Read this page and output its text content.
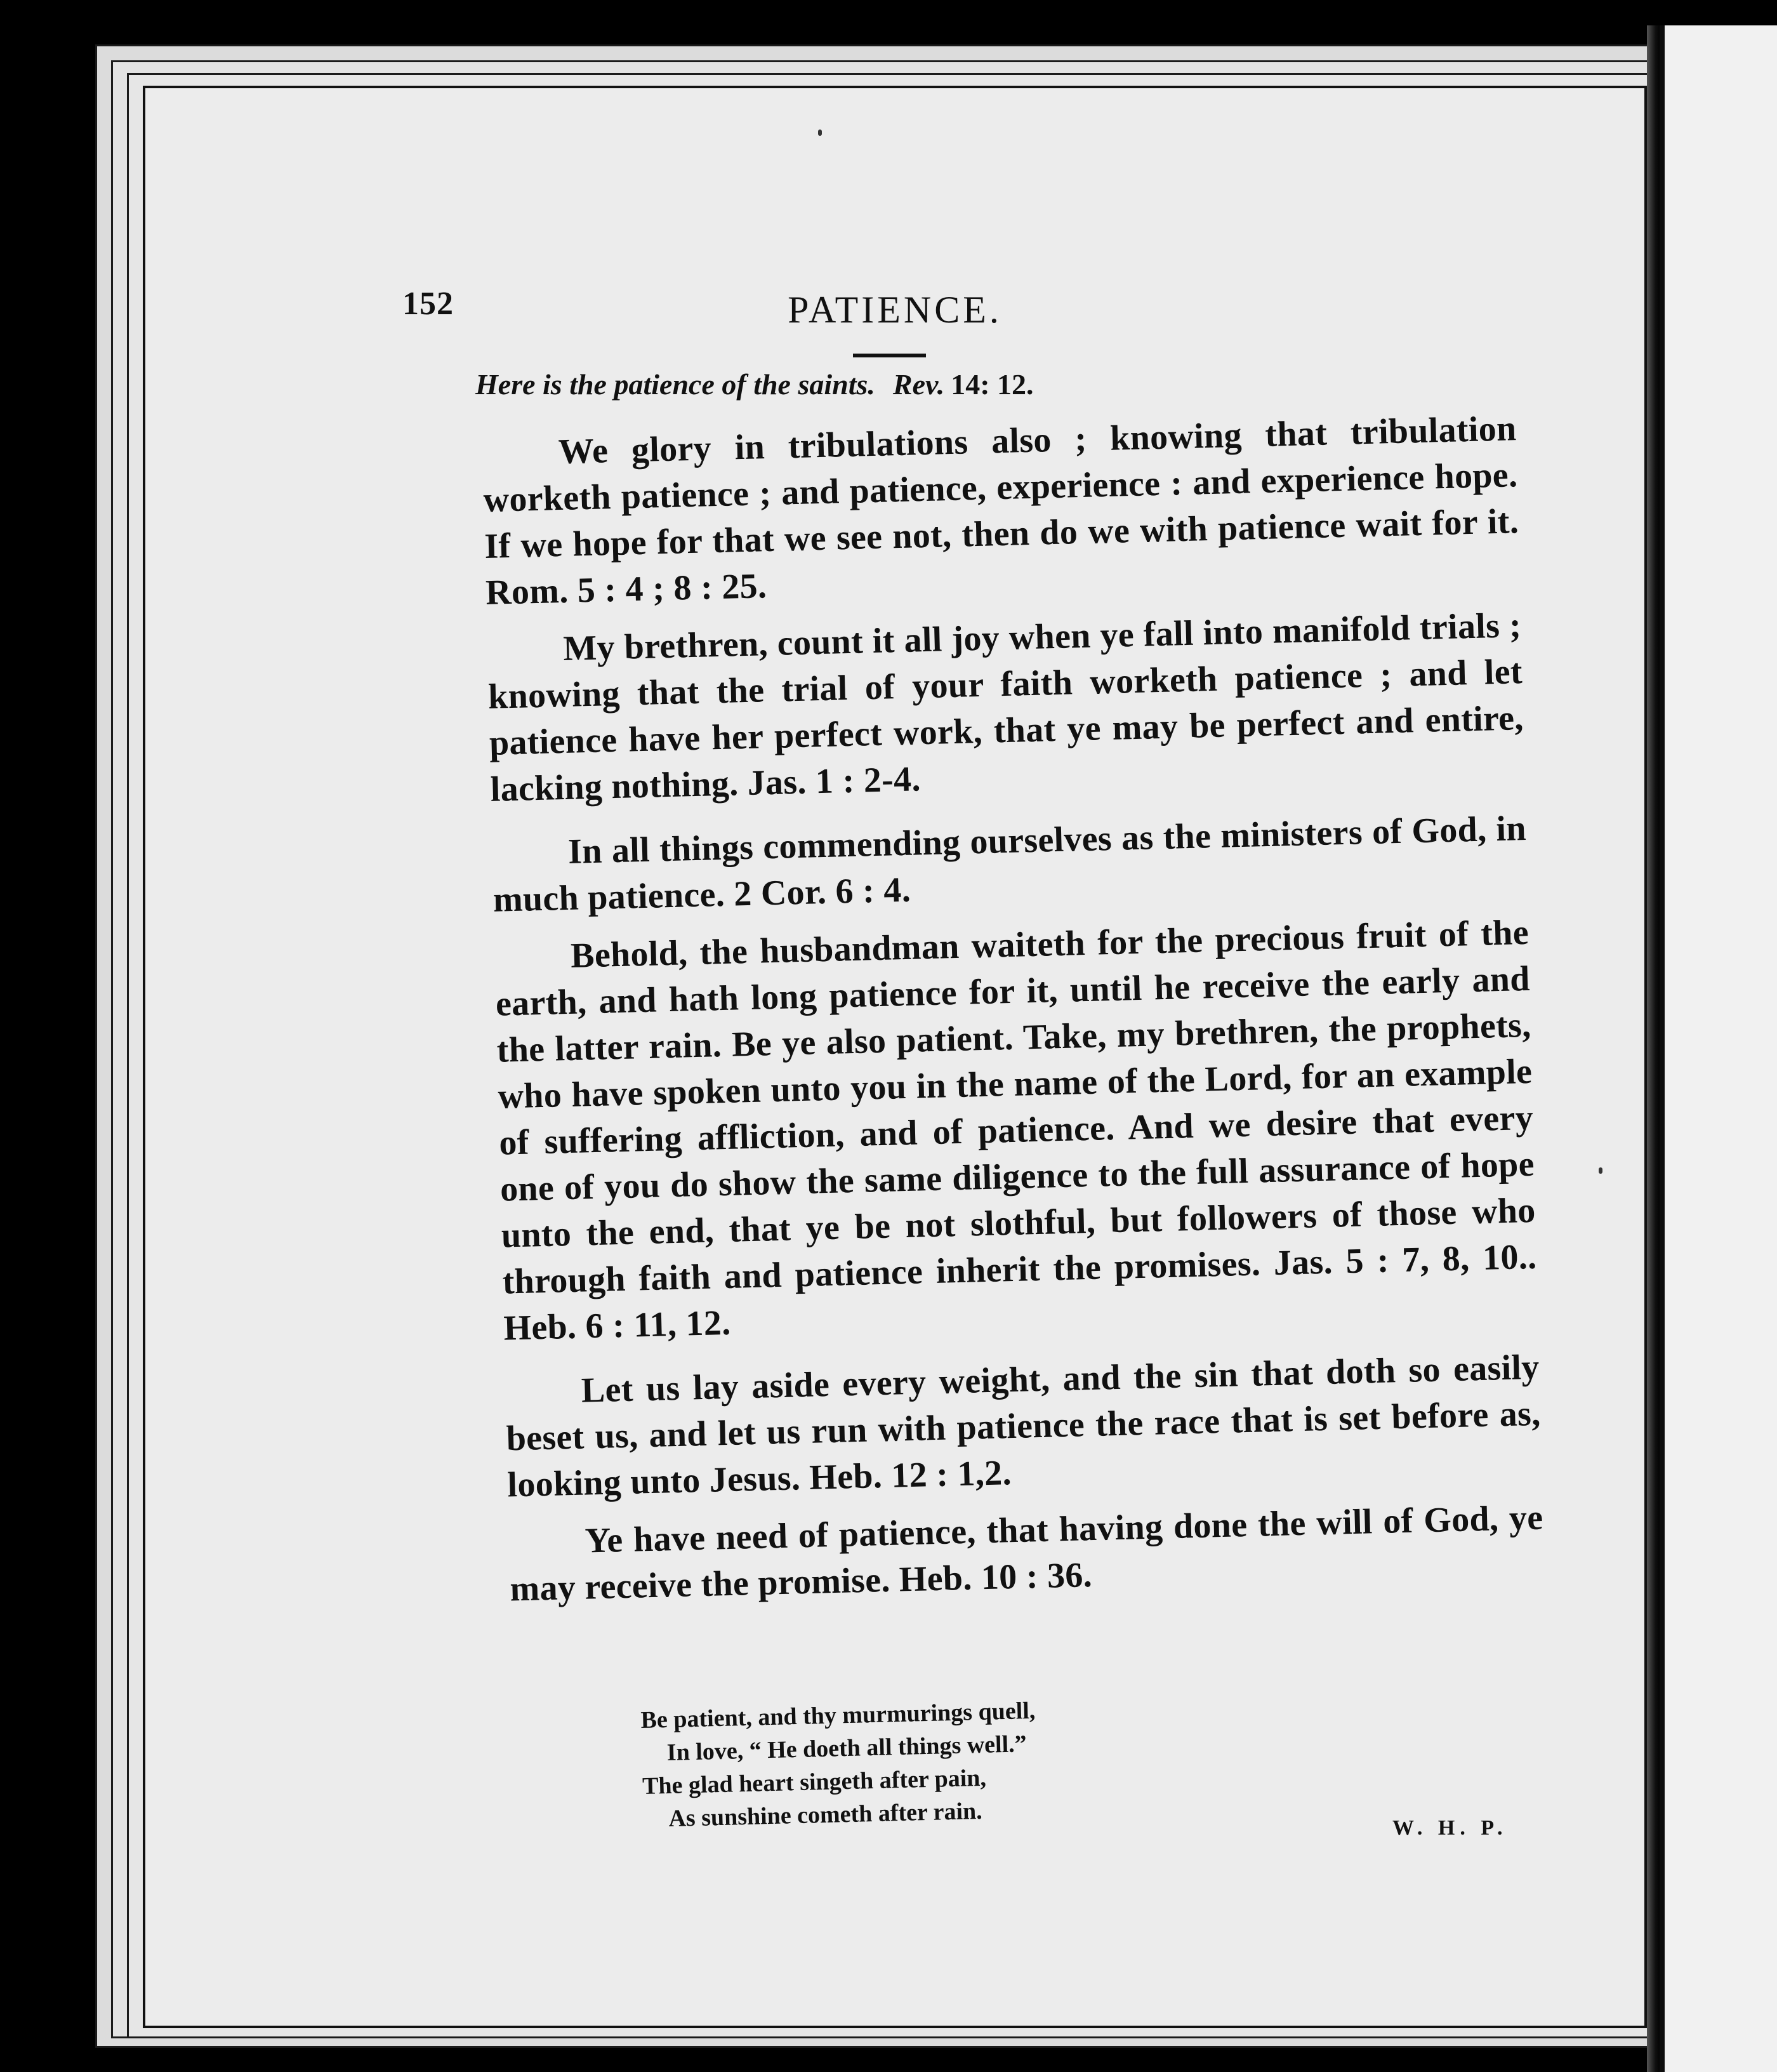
152	PATIENCE.
Here is the patience of the saints. Rev. 14: 12.

We glory in tribulations also ; knowing that tribulation worketh patience ; and patience, experience : and experience hope. If we hope for that we see not, then do we with patience wait for it. Rom. 5 : 4 ; 8 : 25.

My brethren, count it all joy when ye fall into manifold trials ; knowing that the trial of your faith worketh patience ; and let patience have her perfect work, that ye may be perfect and entire, lacking nothing. Jas. 1 : 2-4.

In all things commending ourselves as the ministers of God, in much patience. 2 Cor. 6 : 4.

Behold, the husbandman waiteth for the precious fruit of the earth, and hath long patience for it, until he receive the early and the latter rain. Be ye also patient. Take, my brethren, the prophets, who have spoken unto you in the name of the Lord, for an example of suffering affliction, and of patience. And we desire that every one of you do show the same diligence to the full assurance of hope unto the end, that ye be not slothful, but followers of those who through faith and patience inherit the promises. Jas. 5 : 7, 8, 10.. Heb. 6 : 11, 12.

Let us lay aside every weight, and the sin that doth so easily beset us, and let us run with patience the race that is set before as, looking unto Jesus. Heb. 12 : 1,2.

Ye have need of patience, that having done the will of God, ye may receive the promise. Heb. 10 : 36.

Be patient, and thy murmurings quell,
In love, “ He doeth all things well.”
The glad heart singeth after pain,
As sunshine cometh after rain.	W. H. P.
